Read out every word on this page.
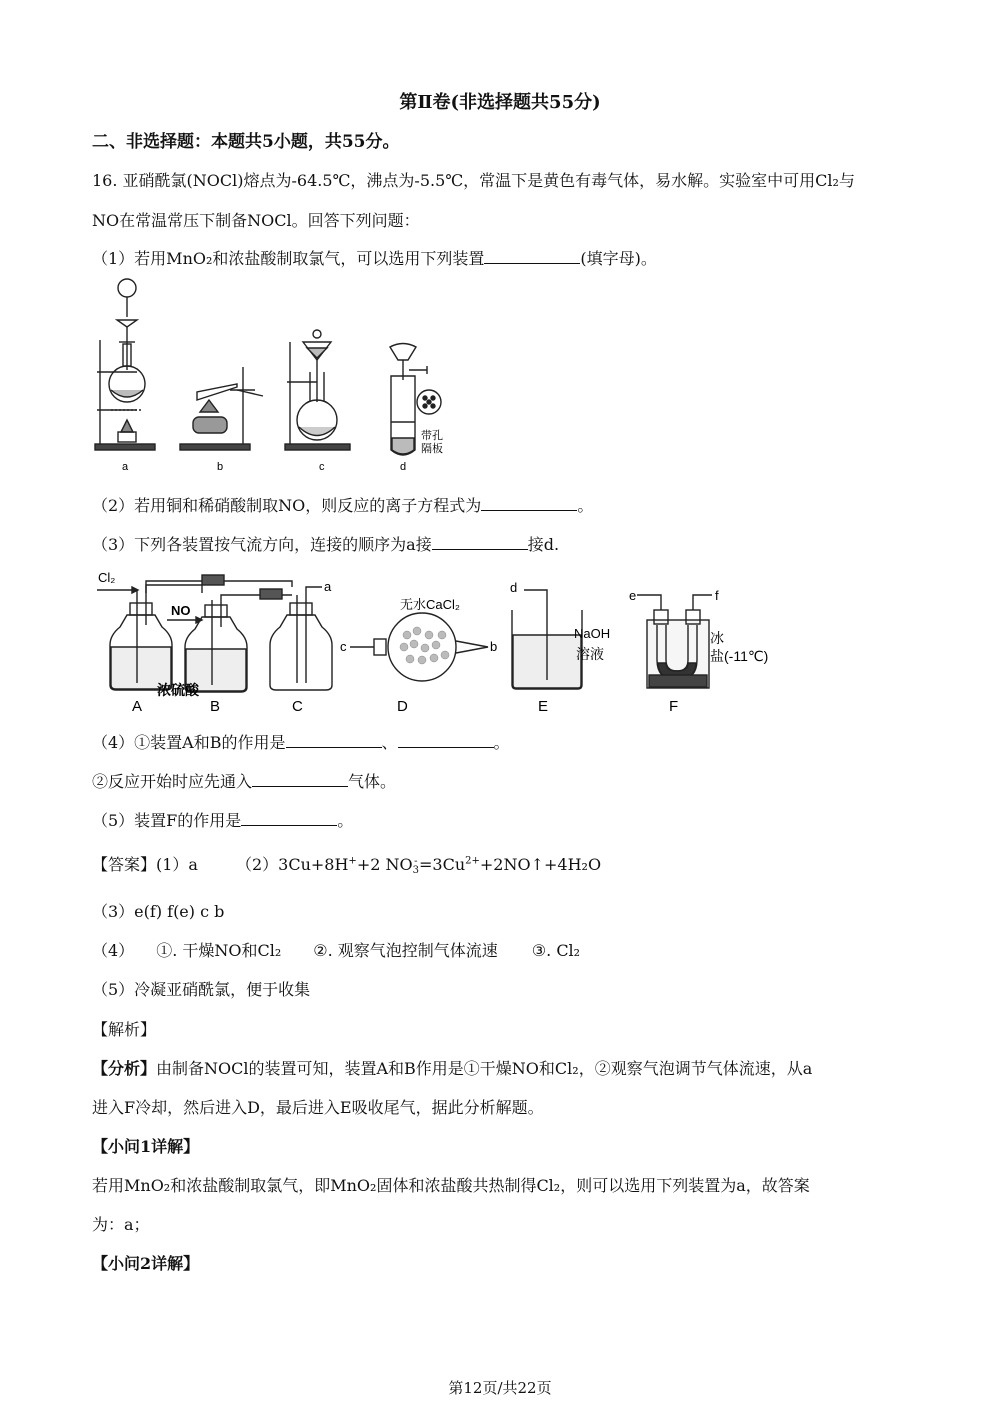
第Ⅱ卷(非选择题共55分)
二、非选择题：本题共5小题，共55分。
16. 亚硝酰氯(NOCl)熔点为-64.5℃，沸点为-5.5℃，常温下是黄色有毒气体，易水解。实验室中可用Cl₂与
NO在常温常压下制备NOCl。回答下列问题：
（1）若用MnO₂和浓盐酸制取氯气，可以选用下列装置	(填字母)。
带孔
隔板
a	b	c	d
（2）若用铜和稀硝酸制取NO，则反应的离子方程式为	。
（3）下列各装置按气流方向，连接的顺序为a接	接d.
Cl₂
NO
a
浓硫酸
无水CaCl₂
c	b
d
NaOH
溶液
e	f
冰
盐(-11℃)
A	B	C	D	E	F
（4）①装置A和B的作用是	、	。
②反应开始时应先通入	气体。
（5）装置F的作用是	。
【答案】(1）a （2）3Cu+8H++2 NO -
$3 =3Cu^{2+}+2NO↑+4H_2O$
（3）e(f) f(e) c b
（4） ①. 干燥NO和Cl₂ ②. 观察气泡控制气体流速 ③. Cl₂
（5）冷凝亚硝酰氯，便于收集
【解析】
【分析】由制备NOCl的装置可知，装置A和B作用是①干燥NO和Cl₂，②观察气泡调节气体流速，从a
进入F冷却，然后进入D，最后进入E吸收尾气，据此分析解题。
【小问1详解】
若用MnO₂和浓盐酸制取氯气，即MnO₂固体和浓盐酸共热制得Cl₂，则可以选用下列装置为a，故答案
为：a；
【小问2详解】
第12页/共22页
